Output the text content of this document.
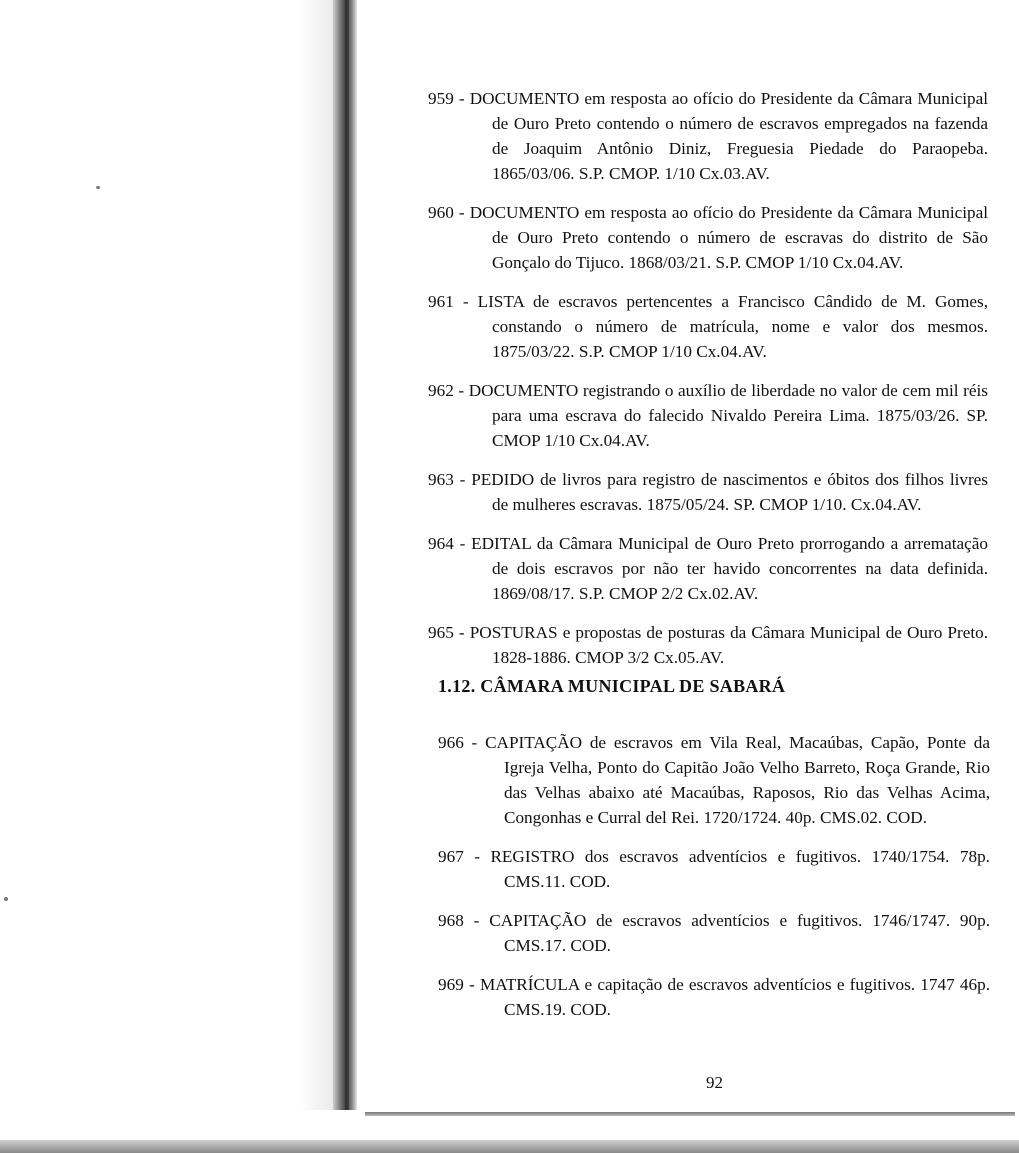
959 - DOCUMENTO em resposta ao ofício do Presidente da Câmara Municipal de Ouro Preto contendo o número de escravos empregados na fazenda de Joaquim Antônio Diniz, Freguesia Piedade do Paraopeba. 1865/03/06. S.P. CMOP. 1/10 Cx.03.AV.

960 - DOCUMENTO em resposta ao ofício do Presidente da Câmara Municipal de Ouro Preto contendo o número de escravas do distrito de São Gonçalo do Tijuco. 1868/03/21. S.P. CMOP 1/10 Cx.04.AV.

961 - LISTA de escravos pertencentes a Francisco Cândido de M. Gomes, constando o número de matrícula, nome e valor dos mesmos. 1875/03/22. S.P. CMOP 1/10 Cx.04.AV.

962 - DOCUMENTO registrando o auxílio de liberdade no valor de cem mil réis para uma escrava do falecido Nivaldo Pereira Lima. 1875/03/26. SP. CMOP 1/10 Cx.04.AV.

963 - PEDIDO de livros para registro de nascimentos e óbitos dos filhos livres de mulheres escravas. 1875/05/24. SP. CMOP 1/10. Cx.04.AV.

964 - EDITAL da Câmara Municipal de Ouro Preto prorrogando a arrematação de dois escravos por não ter havido concorrentes na data definida. 1869/08/17. S.P. CMOP 2/2 Cx.02.AV.

965 - POSTURAS e propostas de posturas da Câmara Municipal de Ouro Preto. 1828-1886. CMOP 3/2 Cx.05.AV.

1.12. CÂMARA MUNICIPAL DE SABARÁ

966 - CAPITAÇÃO de escravos em Vila Real, Macaúbas, Capão, Ponte da Igreja Velha, Ponto do Capitão João Velho Barreto, Roça Grande, Rio das Velhas abaixo até Macaúbas, Raposos, Rio das Velhas Acima, Congonhas e Curral del Rei. 1720/1724. 40p. CMS.02. COD.

967 - REGISTRO dos escravos adventícios e fugitivos. 1740/1754. 78p. CMS.11. COD.

968 - CAPITAÇÃO de escravos adventícios e fugitivos. 1746/1747. 90p. CMS.17. COD.

969 - MATRÍCULA e capitação de escravos adventícios e fugitivos. 1747 46p. CMS.19. COD.

92
